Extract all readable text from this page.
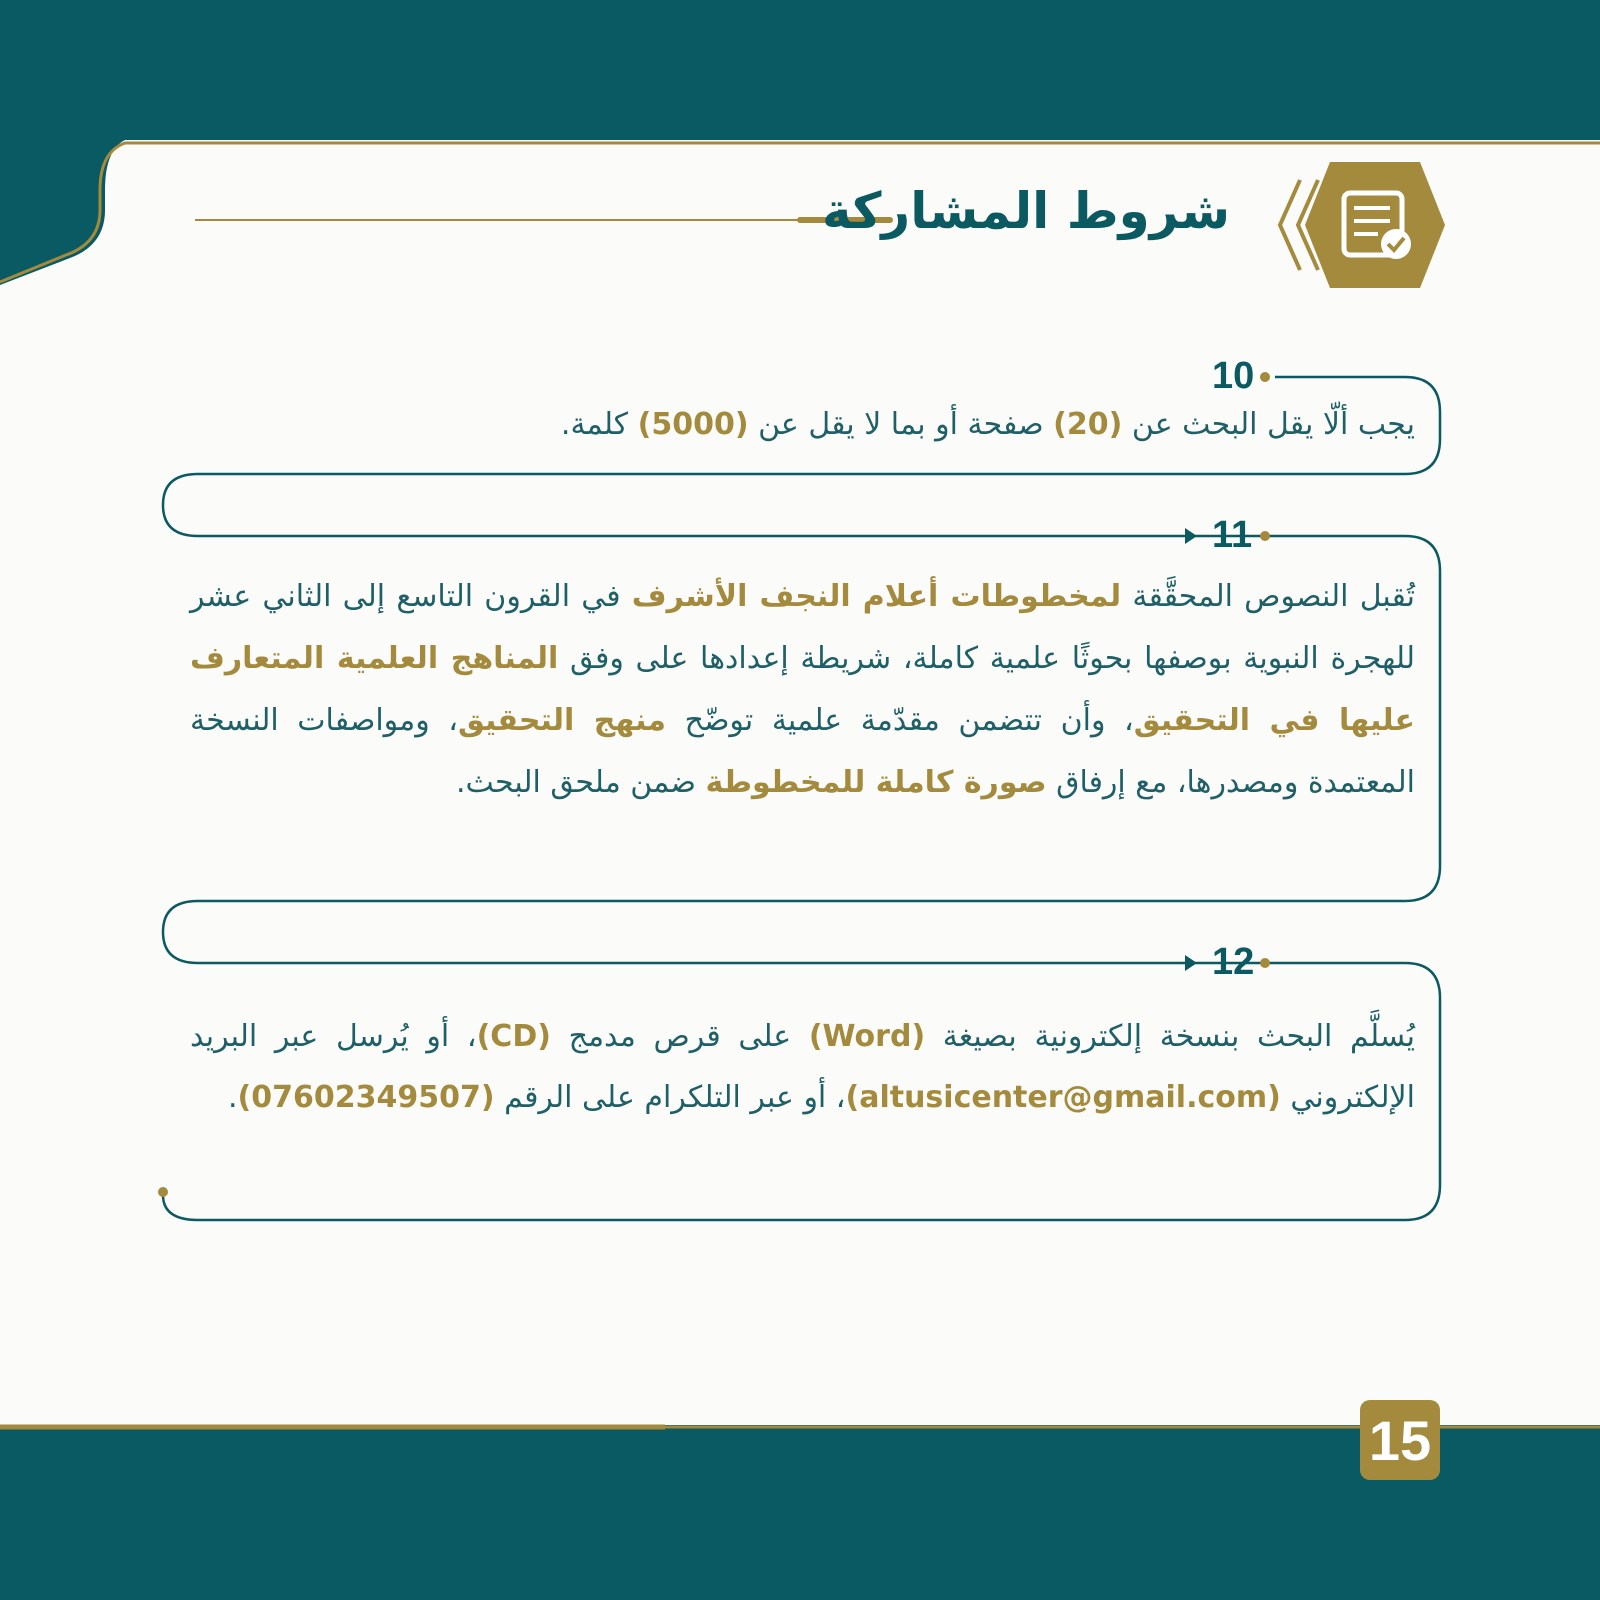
شروط المشاركة
10
يجب ألّا يقل البحث عن (20) صفحة أو بما لا يقل عن (5000) كلمة.
11
تُقبل النصوص المحقَّقة لمخطوطات أعلام النجف الأشرف في القرون التاسع إلى الثاني عشر للهجرة النبوية بوصفها بحوثًا علمية كاملة، شريطة إعدادها على وفق المناهج العلمية المتعارف عليها في التحقيق، وأن تتضمن مقدّمة علمية توضّح منهج التحقيق، ومواصفات النسخة المعتمدة ومصدرها، مع إرفاق صورة كاملة للمخطوطة ضمن ملحق البحث.
12
يُسلَّم البحث بنسخة إلكترونية بصيغة (Word) على قرص مدمج (CD)، أو يُرسل عبر البريد الإلكتروني (altusicenter@gmail.com)، أو عبر التلكرام على الرقم (07602349507).
15
